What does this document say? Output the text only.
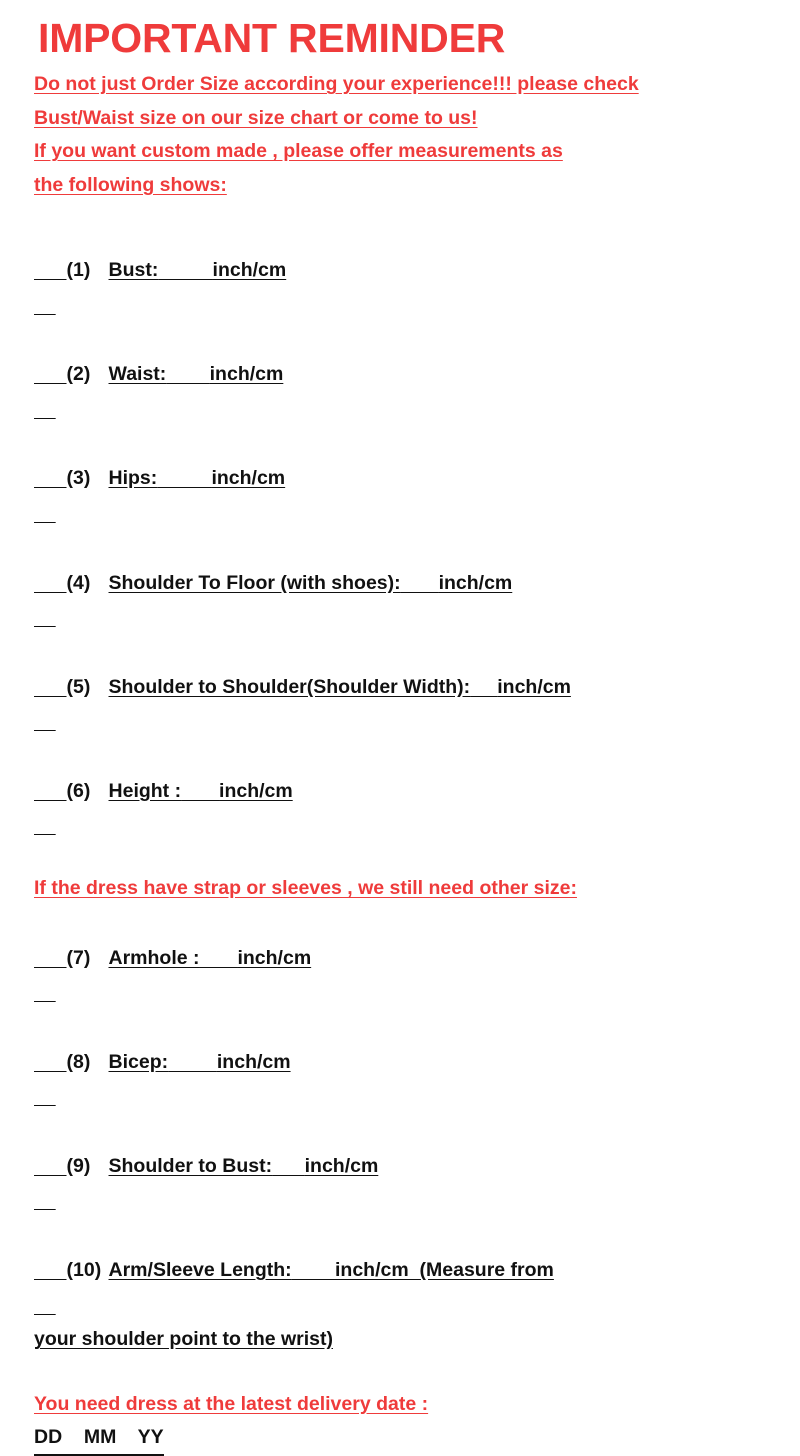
IMPORTANT REMINDER
Do not just Order Size according your experience!!! please check
Bust/Waist size on our size chart or come to us!
If you want custom made , please offer measurements as
the following shows:

(1) Bust:	inch/cm

(2) Waist: inch/cm

(3) Hips:	inch/cm

(4) Shoulder To Floor (with shoes): inch/cm

(5) Shoulder to Shoulder(Shoulder Width): inch/cm

(6) Height : inch/cm

If the dress have strap or sleeves , we still need other size:

(7) Armhole : inch/cm

(8) Bicep:	inch/cm

(9) Shoulder to Bust: inch/cm

(10) Arm/Sleeve Length: inch/cm  (Measure from

your shoulder point to the wrist)
You need dress at the latest delivery date :
DD    MM    YY
